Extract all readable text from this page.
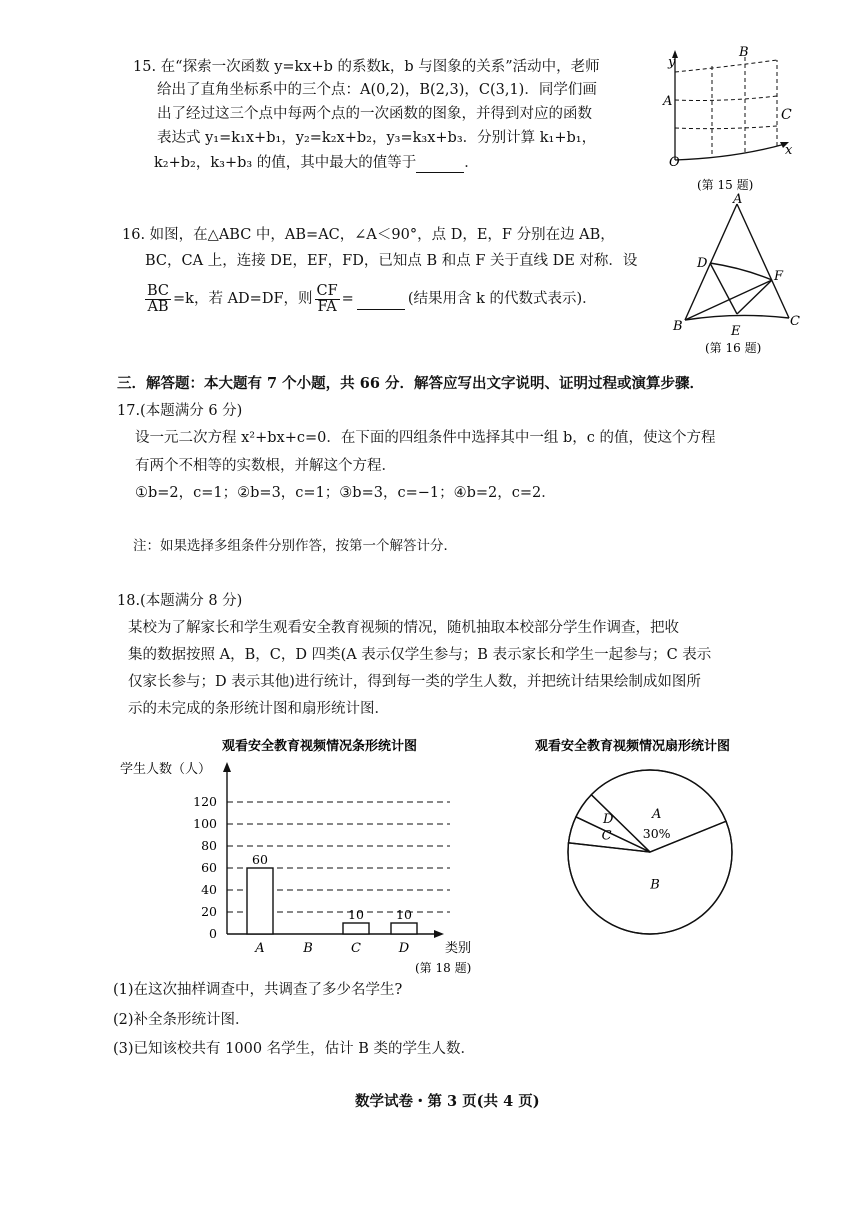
15. 在“探索一次函数 y=kx+b 的系数k，b 与图象的关系”活动中，老师
给出了直角坐标系中的三个点：A(0,2)，B(2,3)，C(3,1)．同学们画
出了经过这三个点中每两个点的一次函数的图象，并得到对应的函数
表达式 y₁=k₁x+b₁，y₂=k₂x+b₂，y₃=k₃x+b₃．分别计算 k₁+b₁，
k₂+b₂，k₃+b₃ 的值，其中最大的值等于	．
y
O
x
A
B
C
(第 15 题)
16. 如图，在△ABC 中，AB=AC，∠A＜90°，点 D，E，F 分别在边 AB，
BC，CA 上，连接 DE，EF，FD，已知点 B 和点 F 关于直线 DE 对称．设
$\frac{BC}{AB} =k$，若 AD=DF，则 $\frac{CF}{FA}$ =	(结果用含 k 的代数式表示)．
A
B	C
D
E
F
(第 16 题)
三．解答题：本大题有 7 个小题，共 66 分．解答应写出文字说明、证明过程或演算步骤．
17.(本题满分 6 分)
设一元二次方程 x²+bx+c=0．在下面的四组条件中选择其中一组 b，c 的值，使这个方程
有两个不相等的实数根，并解这个方程．
①b=2，c=1；②b=3，c=1；③b=3，c=−1；④b=2，c=2．
注：如果选择多组条件分别作答，按第一个解答计分．
18.(本题满分 8 分)
某校为了解家长和学生观看安全教育视频的情况，随机抽取本校部分学生作调查，把收
集的数据按照 A，B，C，D 四类(A 表示仅学生参与；B 表示家长和学生一起参与；C 表示
仅家长参与；D 表示其他)进行统计，得到每一类的学生人数，并把统计结果绘制成如图所
示的未完成的条形统计图和扇形统计图．
观看安全教育视频情况条形统计图
学生人数（人）
类别
(第 18 题)
0
20
40
60
80
100
120
A
60
B	C
10
D
10
观看安全教育视频情况扇形统计图
B
C
D	A
30%
(1)在这次抽样调查中，共调查了多少名学生?
(2)补全条形统计图．
(3)已知该校共有 1000 名学生，估计 B 类的学生人数．
数学试卷・第 3 页(共 4 页)
